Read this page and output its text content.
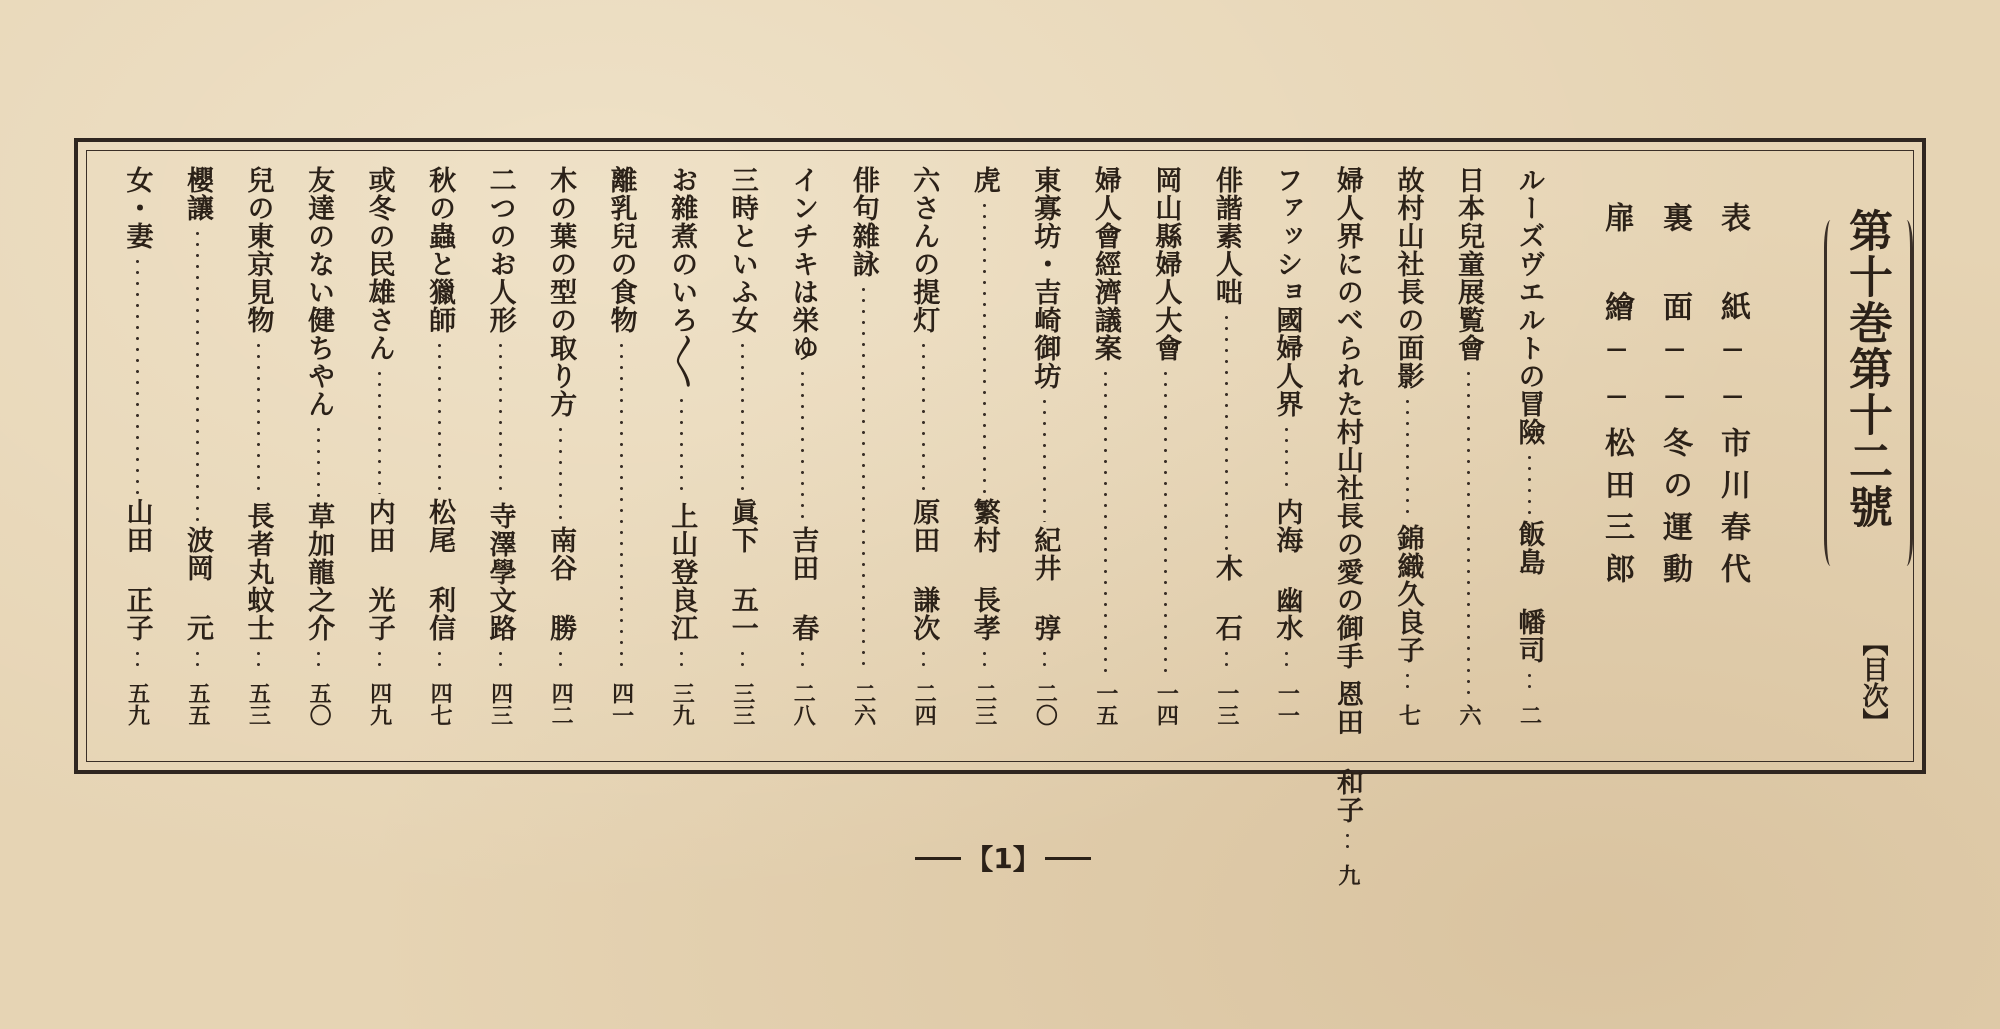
第十巻第十二號
【目次】
表 紙──市川春代
裏 面──冬の運動
扉 繪──松田三郎
ルーズヴエルトの冒險
飯島 幡司
二
日本兒童展覧會
六
故村山社長の面影
錦織久良子
七
婦人界にのべられた村山社長の愛の御手
恩田 和子
九
ファッショ國婦人界
内海 幽水
一一
俳諧素人咄
木 石
一三
岡山縣婦人大會
一四
婦人會經濟議案
一五
東寡坊・吉崎御坊
紀井 弴
二〇
虎
繁村 長孝
二三
六さんの提灯
原田 謙次
二四
俳句雜詠
二六
インチキは栄ゆ
吉田 春
二八
三時といふ女
眞下 五一
三三
お雜煮のいろ〳〵
上山登良江
三九
離乳兒の食物
四一
木の葉の型の取り方
南谷 勝
四二
二つのお人形
寺澤學文路
四三
秋の蟲と獵師
松尾 利信
四七
或冬の民雄さん
内田 光子
四九
友達のない健ちやん
草加龍之介
五〇
兒の東京見物
長者丸蚊士
五三
櫻讓
波岡 元
五五
女・妻
山田 正子
五九
【 1 】
